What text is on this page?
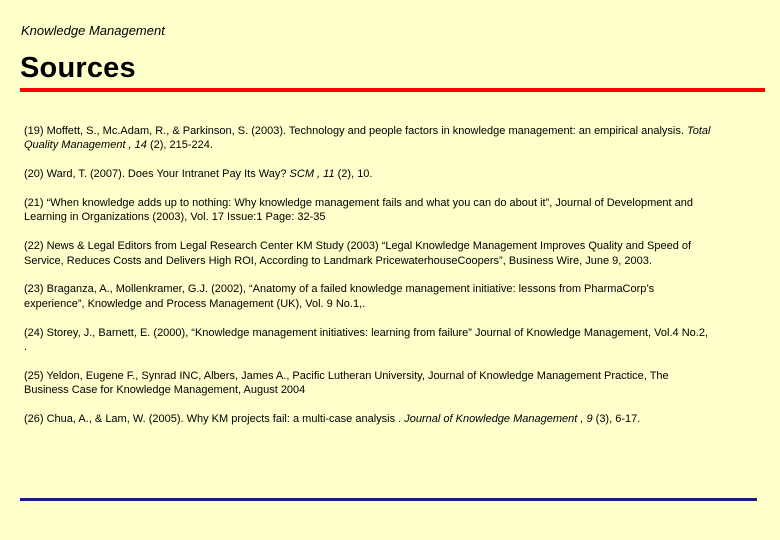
Knowledge Management
Sources

(19) Moffett, S., Mc.Adam, R., & Parkinson, S. (2003). Technology and people factors in knowledge management: an empirical analysis. Total Quality Management , 14 (2), 215-224.

(20) Ward, T. (2007). Does Your Intranet Pay Its Way? SCM , 11 (2), 10.

(21) “When knowledge adds up to nothing: Why knowledge management fails and what you can do about it”, Journal of Development and Learning in Organizations (2003), Vol. 17 Issue:1 Page: 32-35

(22) News & Legal Editors from Legal Research Center KM Study (2003) “Legal Knowledge Management Improves Quality and Speed of Service, Reduces Costs and Delivers High ROI, According to Landmark PricewaterhouseCoopers”, Business Wire, June 9, 2003.

(23) Braganza, A., Mollenkramer, G.J. (2002), “Anatomy of a failed knowledge management initiative: lessons from PharmaCorp’s experience”, Knowledge and Process Management (UK), Vol. 9 No.1,.

(24) Storey, J., Barnett, E. (2000), “Knowledge management initiatives: learning from failure” Journal of Knowledge Management, Vol.4 No.2, .

(25) Yeldon, Eugene F., Synrad INC, Albers, James A., Pacific Lutheran University, Journal of Knowledge Management Practice, The Business Case for Knowledge Management, August 2004

(26) Chua, A., & Lam, W. (2005). Why KM projects fail: a multi-case analysis . Journal of Knowledge Management , 9 (3), 6-17.
